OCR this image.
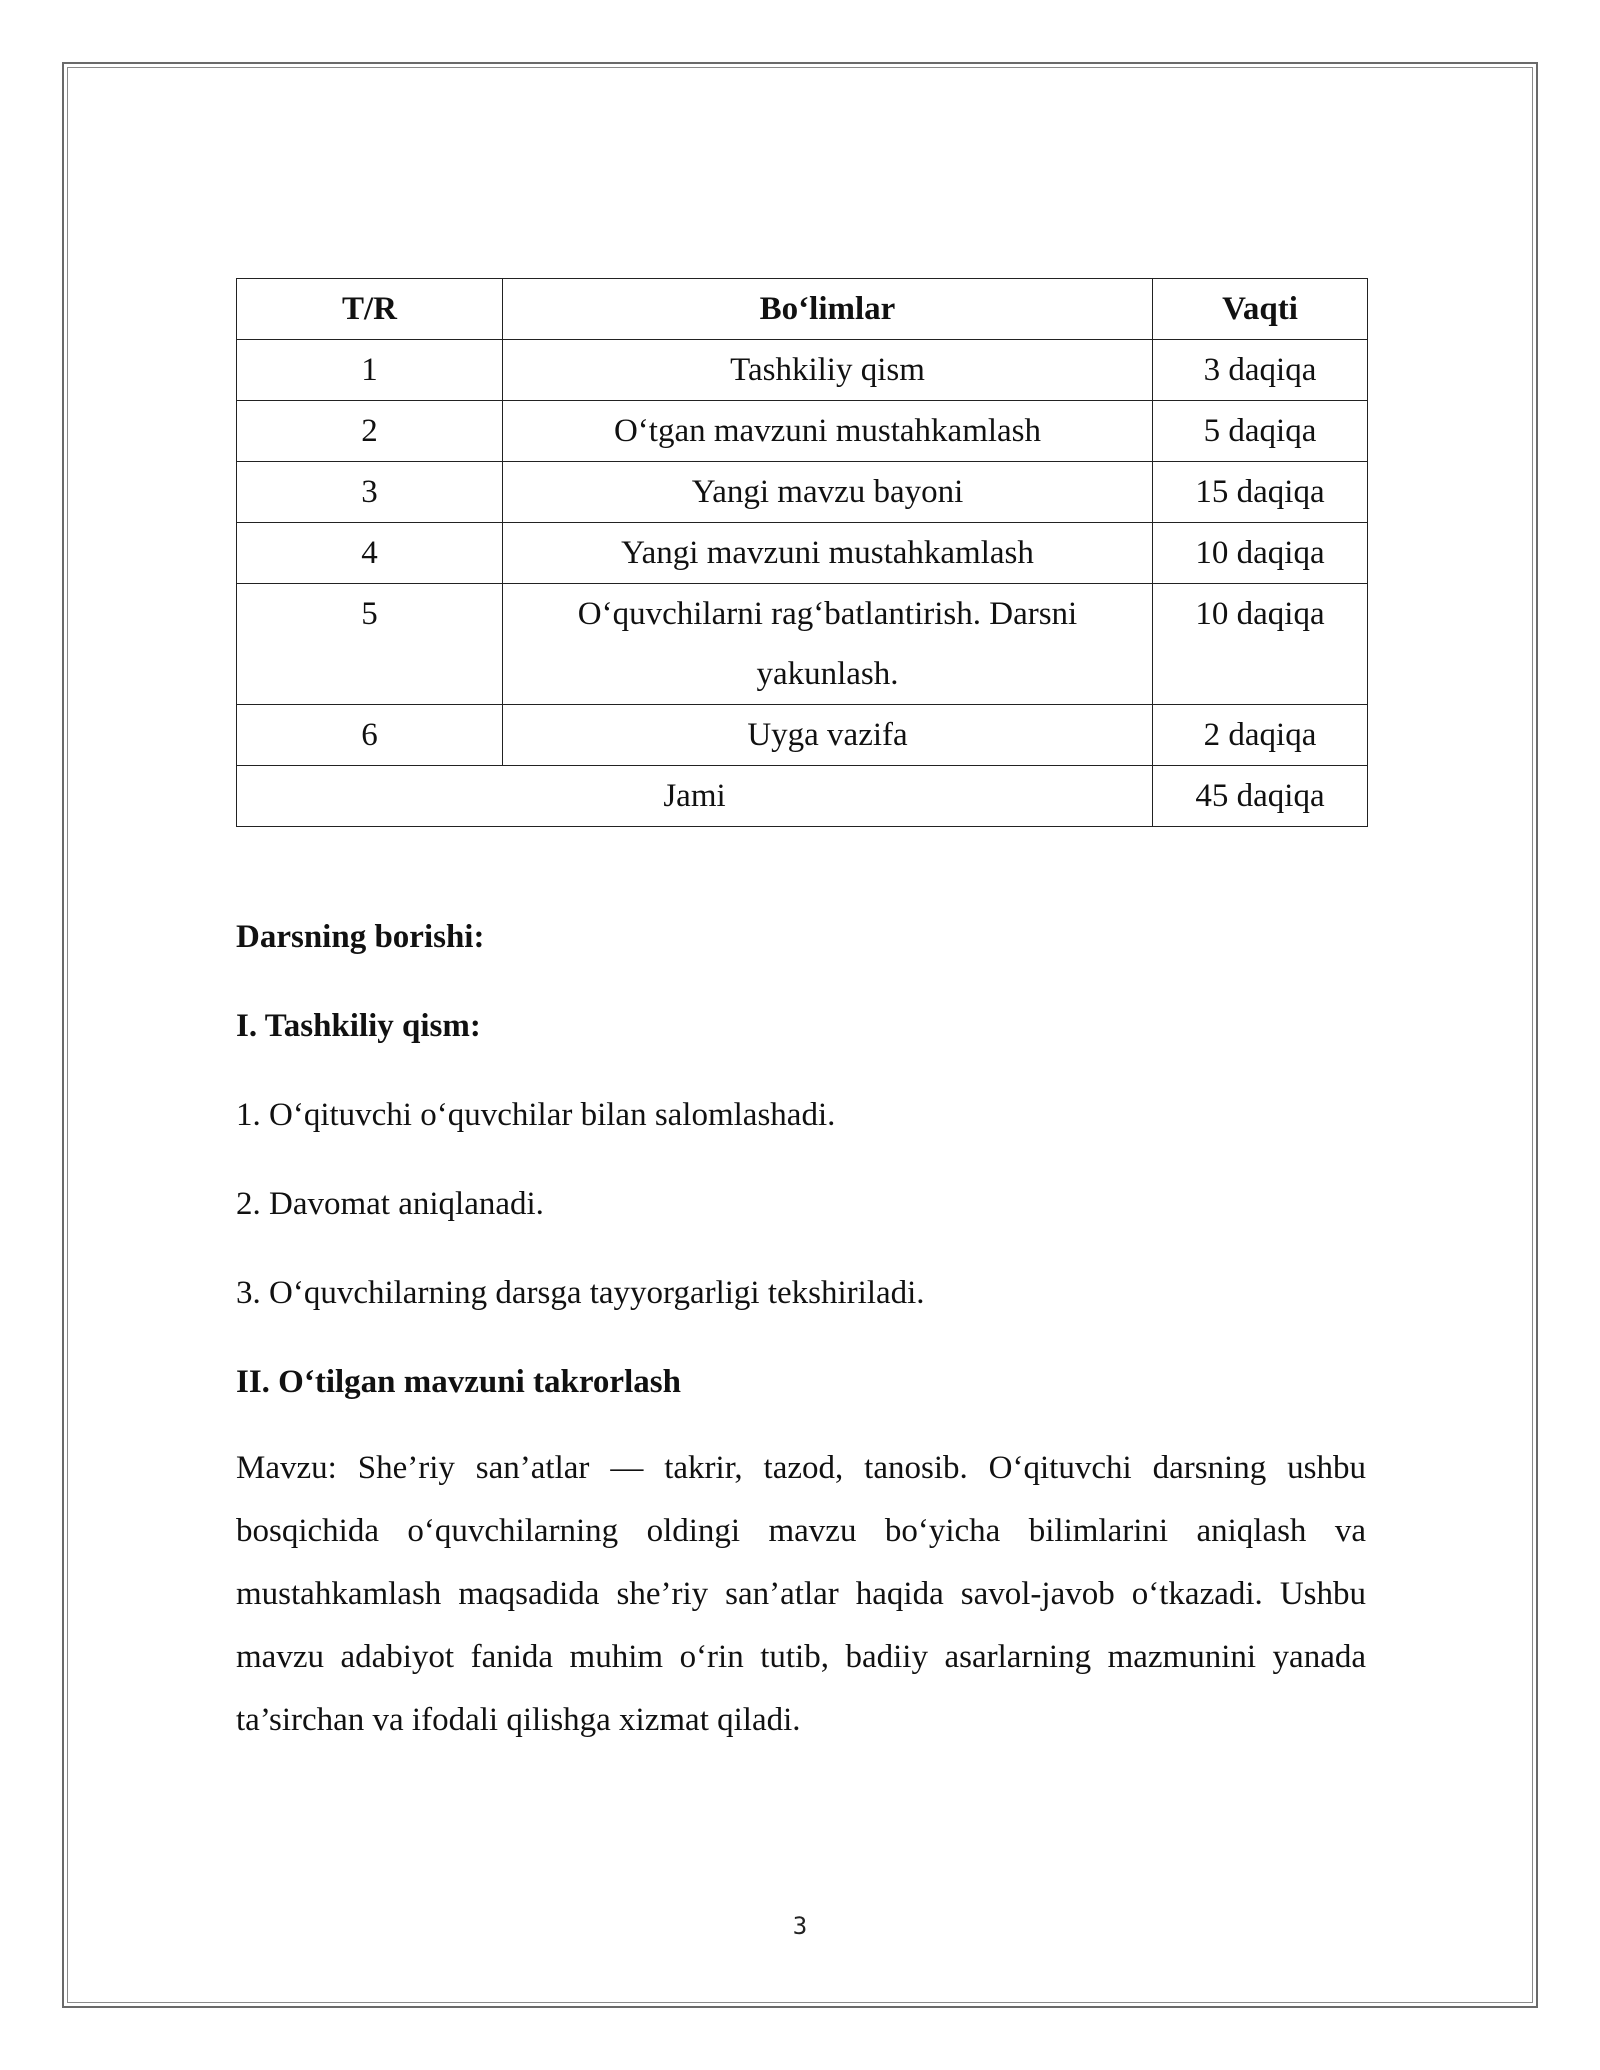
T/R	Bo‘limlar	Vaqti
1	Tashkiliy qism	3 daqiqa
2	O‘tgan mavzuni mustahkamlash	5 daqiqa
3	Yangi mavzu bayoni	15 daqiqa
4	Yangi mavzuni mustahkamlash	10 daqiqa
5	O‘quvchilarni rag‘batlantirish. Darsni yakunlash.	10 daqiqa
6	Uyga vazifa	2 daqiqa
Jami		45 daqiqa

Darsning borishi:

I. Tashkiliy qism:

1. O‘qituvchi o‘quvchilar bilan salomlashadi.

2. Davomat aniqlanadi.

3. O‘quvchilarning darsga tayyorgarligi tekshiriladi.

II. O‘tilgan mavzuni takrorlash

Mavzu: She’riy san’atlar — takrir, tazod, tanosib. O‘qituvchi darsning ushbu bosqichida o‘quvchilarning oldingi mavzu bo‘yicha bilimlarini aniqlash va mustahkamlash maqsadida she’riy san’atlar haqida savol-javob o‘tkazadi. Ushbu mavzu adabiyot fanida muhim o‘rin tutib, badiiy asarlarning mazmunini yanada ta’sirchan va ifodali qilishga xizmat qiladi.

3
